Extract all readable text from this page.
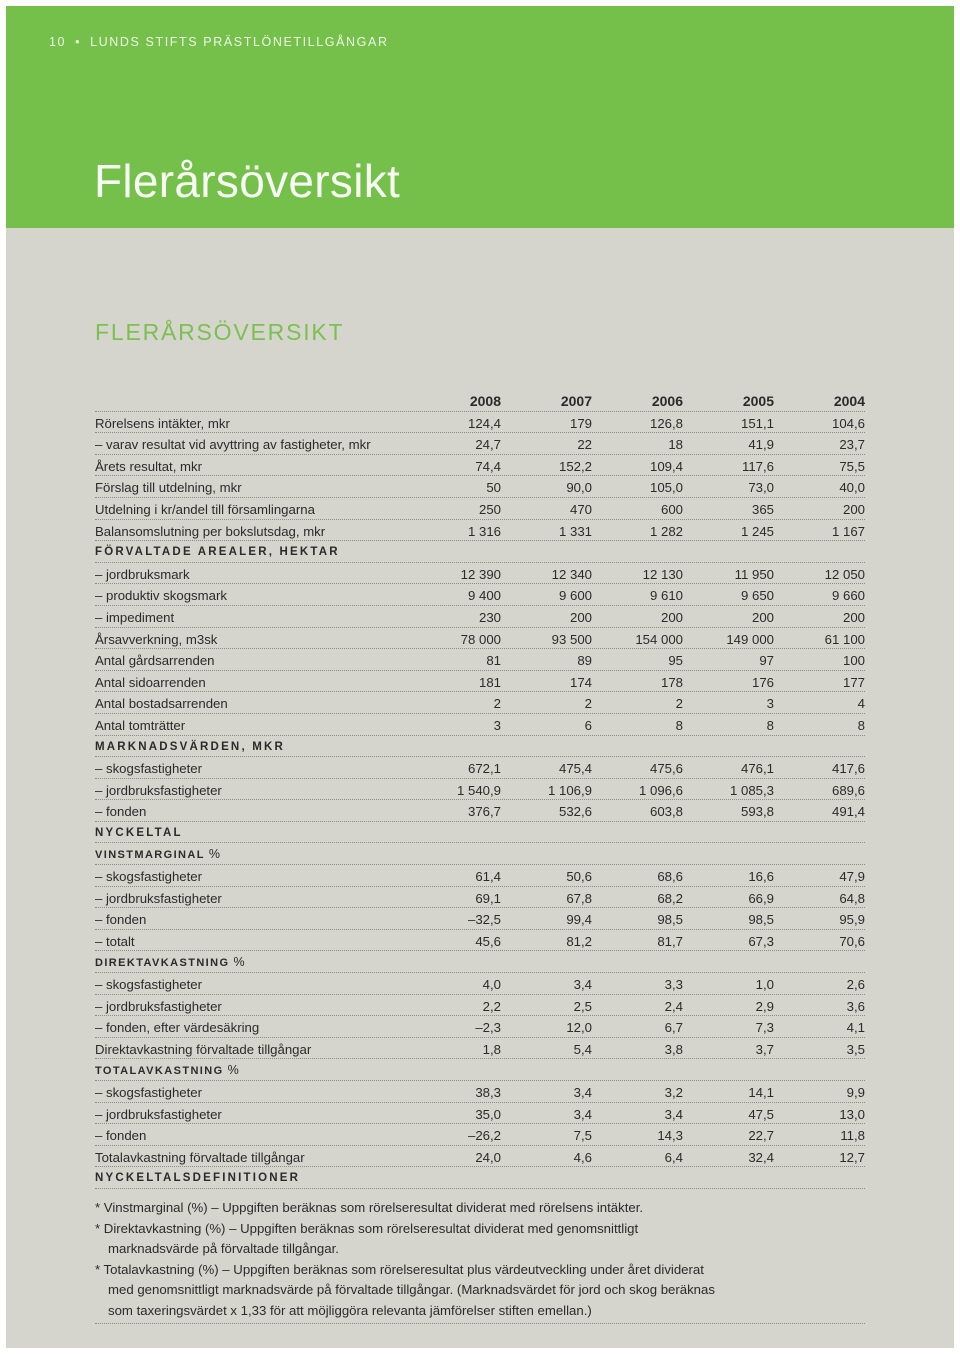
10 • LUNDS STIFTS PRÄSTLÖNETILLGÅNGAR
Flerårsöversikt
FLERÅRSÖVERSIKT
2008	2007	2006	2005	2004
Rörelsens intäkter, mkr	124,4	179	126,8	151,1	104,6
– varav resultat vid avyttring av fastigheter, mkr	24,7	22	18	41,9	23,7
Årets resultat, mkr	74,4	152,2	109,4	117,6	75,5
Förslag till utdelning, mkr	50	90,0	105,0	73,0	40,0
Utdelning i kr/andel till församlingarna	250	470	600	365	200
Balansomslutning per bokslutsdag, mkr	1 316	1 331	1 282	1 245	1 167
FÖRVALTADE AREALER, HEKTAR
– jordbruksmark	12 390	12 340	12 130	11 950	12 050
– produktiv skogsmark	9 400	9 600	9 610	9 650	9 660
– impediment	230	200	200	200	200
Årsavverkning, m3sk	78 000	93 500	154 000	149 000	61 100
Antal gårdsarrenden	81	89	95	97	100
Antal sidoarrenden	181	174	178	176	177
Antal bostadsarrenden	2	2	2	3	4
Antal tomträtter	3	6	8	8	8
MARKNADSVÄRDEN, MKR
– skogsfastigheter	672,1	475,4	475,6	476,1	417,6
– jordbruksfastigheter	1 540,9	1 106,9	1 096,6	1 085,3	689,6
– fonden	376,7	532,6	603,8	593,8	491,4
NYCKELTAL
VINSTMARGINAL %
– skogsfastigheter	61,4	50,6	68,6	16,6	47,9
– jordbruksfastigheter	69,1	67,8	68,2	66,9	64,8
– fonden	–32,5	99,4	98,5	98,5	95,9
– totalt	45,6	81,2	81,7	67,3	70,6
DIREKTAVKASTNING %
– skogsfastigheter	4,0	3,4	3,3	1,0	2,6
– jordbruksfastigheter	2,2	2,5	2,4	2,9	3,6
– fonden, efter värdesäkring	–2,3	12,0	6,7	7,3	4,1
Direktavkastning förvaltade tillgångar	1,8	5,4	3,8	3,7	3,5
TOTALAVKASTNING %
– skogsfastigheter	38,3	3,4	3,2	14,1	9,9
– jordbruksfastigheter	35,0	3,4	3,4	47,5	13,0
– fonden	–26,2	7,5	14,3	22,7	11,8
Totalavkastning förvaltade tillgångar	24,0	4,6	6,4	32,4	12,7
NYCKELTALSDEFINITIONER
* Vinstmarginal (%) – Uppgiften beräknas som rörelseresultat dividerat med rörelsens intäkter.
* Direktavkastning (%) – Uppgiften beräknas som rörelseresultat dividerat med genomsnittligt
marknadsvärde på förvaltade tillgångar.
* Totalavkastning (%) – Uppgiften beräknas som rörelseresultat plus värdeutveckling under året dividerat
med genomsnittligt marknadsvärde på förvaltade tillgångar. (Marknadsvärdet för jord och skog beräknas
som taxeringsvärdet x 1,33 för att möjliggöra relevanta jämförelser stiften emellan.)
